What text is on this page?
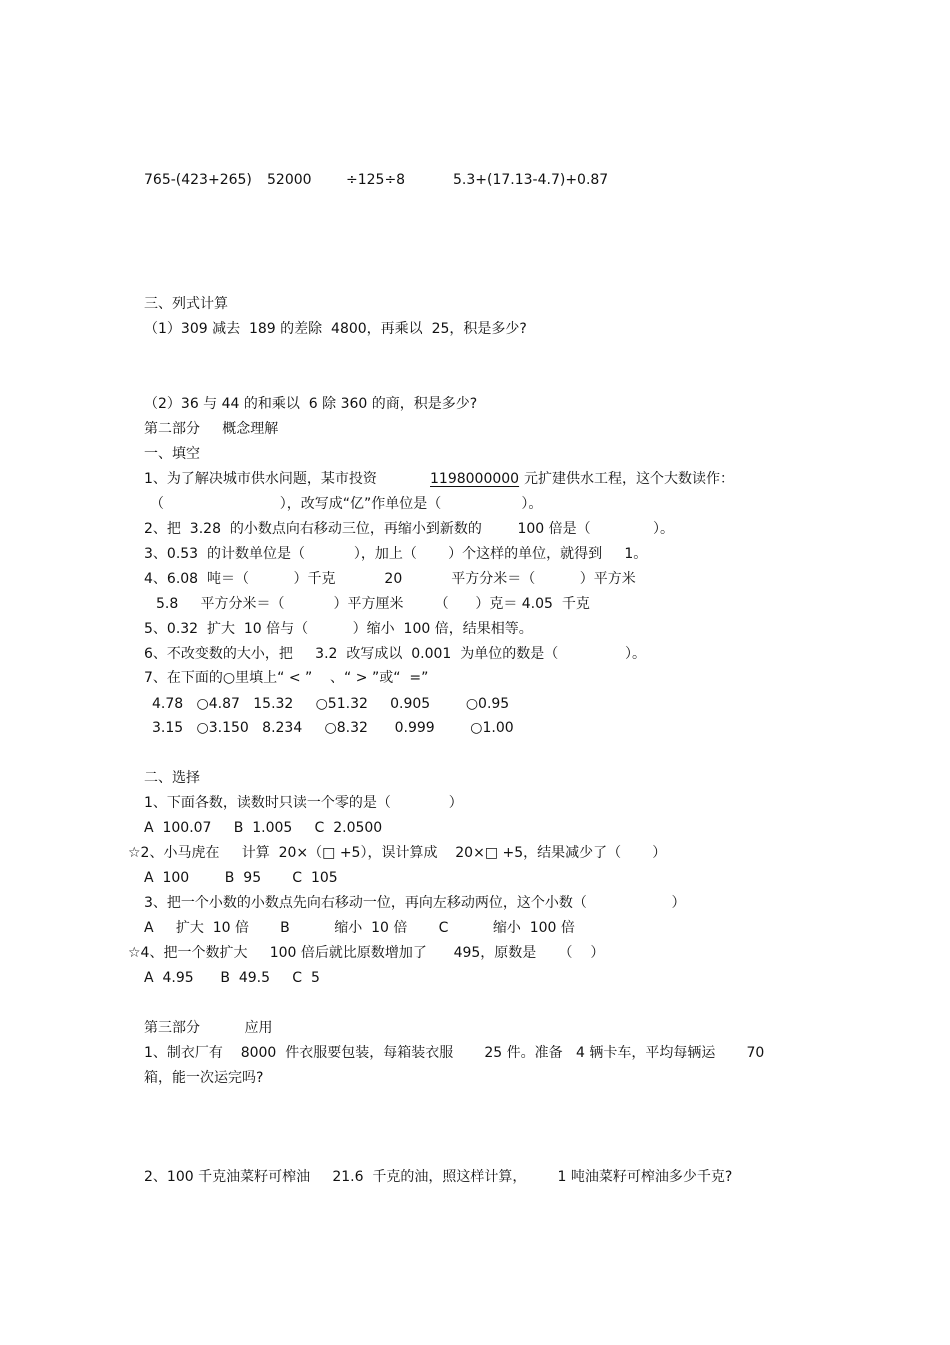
765-(423+265) 52000 ÷125÷8	5.3+(17.13-4.7)+0.87
三、列式计算
（1）309 减去  189 的差除  4800，再乘以  25，积是多少?
（2）36 与 44 的和乘以  6 除 360 的商，积是多少?
第二部分     概念理解
一、填空
1、为了解决城市供水问题，某市投资	1198000000 元扩建供水工程，这个大数读作：
（                          ），改写成“亿”作单位是（                  ）。
2、把  3.28  的小数点向右移动三位，再缩小到新数的        100 倍是（              ）。
3、0.53  的计数单位是（           ），加上（       ）个这样的单位，就得到     1。
4、6.08  吨＝（          ）千克           20           平方分米＝（          ）平方米
5.8     平方分米＝（           ）平方厘米       （      ）克＝ 4.05  千克
5、0.32  扩大  10 倍与（          ）缩小  100 倍，结果相等。
6、不改变数的大小，把     3.2  改写成以  0.001  为单位的数是（               ）。
7、在下面的○里填上“ < ”    、“ > ”或“  =”
4.78   ○4.87   15.32     ○51.32     0.905        ○0.95
3.15   ○3.150   8.234     ○8.32      0.999        ○1.00
二、选择
1、下面各数，读数时只读一个零的是（             ）
A  100.07     B  1.005     C  2.0500
☆2、小马虎在     计算  20×（□ +5），误计算成    20×□ +5，结果减少了（       ）
A  100        B  95       C  105
3、把一个小数的小数点先向右移动一位，再向左移动两位，这个小数（                   ）
A     扩大  10 倍       B          缩小  10 倍       C          缩小  100 倍
☆4、把一个数扩大     100 倍后就比原数增加了      495，原数是     （    ）
A  4.95      B  49.5     C  5
第三部分          应用
1、制衣厂有    8000  件衣服要包装，每箱装衣服       25 件。准备   4 辆卡车，平均每辆运       70
箱，能一次运完吗?
2、100 千克油菜籽可榨油     21.6  千克的油，照这样计算，       1 吨油菜籽可榨油多少千克?
